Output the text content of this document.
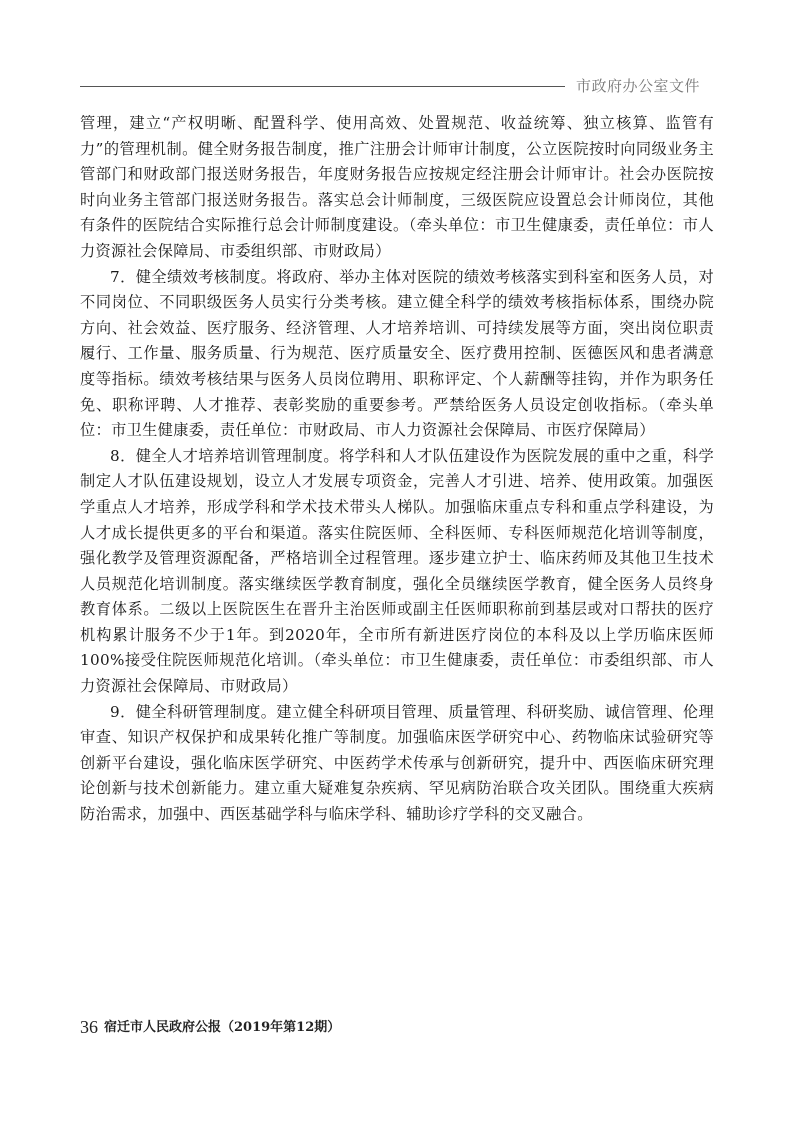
市政府办公室文件

管理，建立“产权明晰、配置科学、使用高效、处置规范、收益统筹、独立核算、监管有力”的管理机制。健全财务报告制度，推广注册会计师审计制度，公立医院按时向同级业务主管部门和财政部门报送财务报告，年度财务报告应按规定经注册会计师审计。社会办医院按时向业务主管部门报送财务报告。落实总会计师制度，三级医院应设置总会计师岗位，其他有条件的医院结合实际推行总会计师制度建设。（牵头单位：市卫生健康委，责任单位：市人力资源社会保障局、市委组织部、市财政局）

7．健全绩效考核制度。将政府、举办主体对医院的绩效考核落实到科室和医务人员，对不同岗位、不同职级医务人员实行分类考核。建立健全科学的绩效考核指标体系，围绕办院方向、社会效益、医疗服务、经济管理、人才培养培训、可持续发展等方面，突出岗位职责履行、工作量、服务质量、行为规范、医疗质量安全、医疗费用控制、医德医风和患者满意度等指标。绩效考核结果与医务人员岗位聘用、职称评定、个人薪酬等挂钩，并作为职务任免、职称评聘、人才推荐、表彰奖励的重要参考。严禁给医务人员设定创收指标。（牵头单位：市卫生健康委，责任单位：市财政局、市人力资源社会保障局、市医疗保障局）

8．健全人才培养培训管理制度。将学科和人才队伍建设作为医院发展的重中之重，科学制定人才队伍建设规划，设立人才发展专项资金，完善人才引进、培养、使用政策。加强医学重点人才培养，形成学科和学术技术带头人梯队。加强临床重点专科和重点学科建设，为人才成长提供更多的平台和渠道。落实住院医师、全科医师、专科医师规范化培训等制度，强化教学及管理资源配备，严格培训全过程管理。逐步建立护士、临床药师及其他卫生技术人员规范化培训制度。落实继续医学教育制度，强化全员继续医学教育，健全医务人员终身教育体系。二级以上医院医生在晋升主治医师或副主任医师职称前到基层或对口帮扶的医疗机构累计服务不少于1年。到2020年，全市所有新进医疗岗位的本科及以上学历临床医师100%接受住院医师规范化培训。（牵头单位：市卫生健康委，责任单位：市委组织部、市人力资源社会保障局、市财政局）

9．健全科研管理制度。建立健全科研项目管理、质量管理、科研奖励、诚信管理、伦理审查、知识产权保护和成果转化推广等制度。加强临床医学研究中心、药物临床试验研究等创新平台建设，强化临床医学研究、中医药学术传承与创新研究，提升中、西医临床研究理论创新与技术创新能力。建立重大疑难复杂疾病、罕见病防治联合攻关团队。围绕重大疾病防治需求，加强中、西医基础学科与临床学科、辅助诊疗学科的交叉融合。

36 宿迁市人民政府公报（2019年第12期）
